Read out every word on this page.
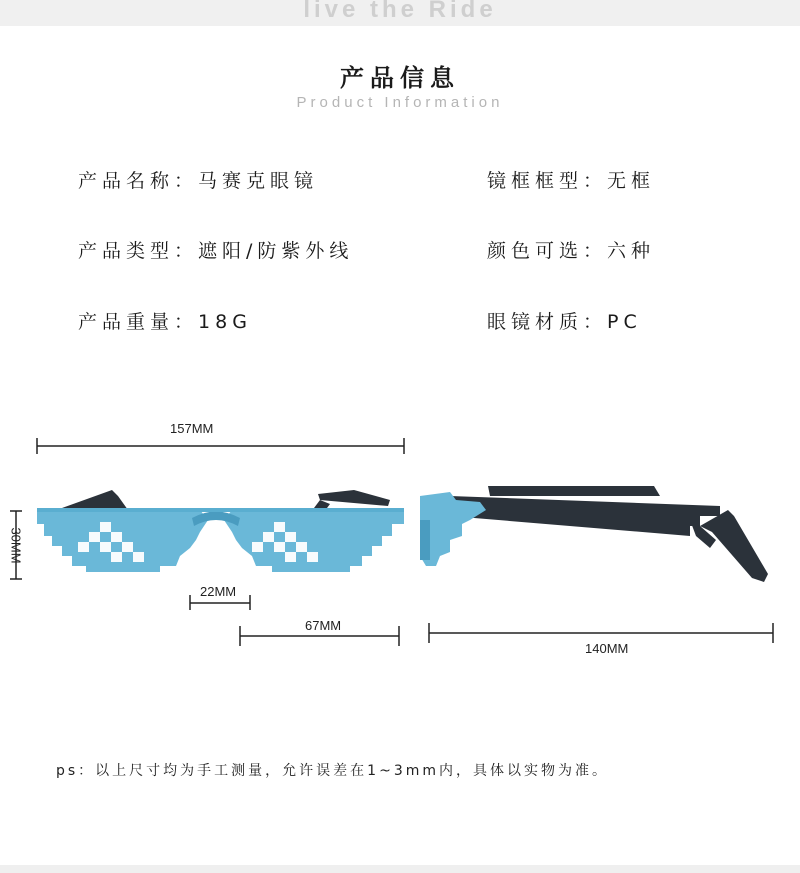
live the Ride
产品信息
Product Information
产品名称：马赛克眼镜	镜框框型：无框
产品类型：遮阳/防紫外线	颜色可选：六种
产品重量：18G	眼镜材质：PC
157MM
30MM
22MM
67MM
140MM
ps：以上尺寸均为手工测量，允许误差在1~3mm内，具体以实物为准。
